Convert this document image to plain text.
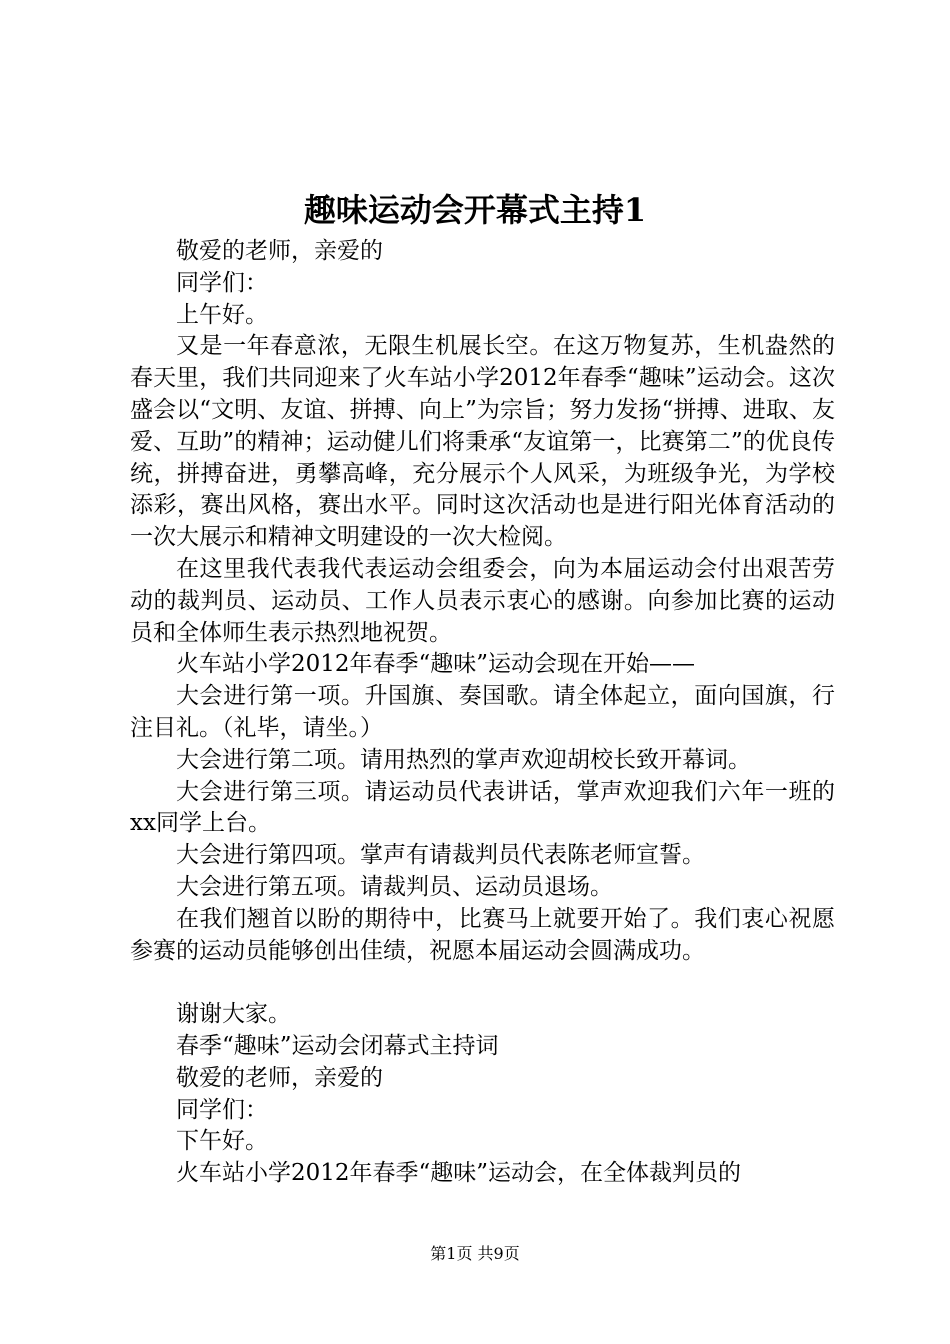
趣味运动会开幕式主持1

敬爱的老师，亲爱的

同学们：

上午好。

又是一年春意浓，无限生机展长空。在这万物复苏，生机盎然的春天里，我们共同迎来了火车站小学2012年春季“趣味”运动会。这次盛会以“文明、友谊、拼搏、向上”为宗旨；努力发扬“拼搏、进取、友爱、互助”的精神；运动健儿们将秉承“友谊第一，比赛第二”的优良传统，拼搏奋进，勇攀高峰，充分展示个人风采，为班级争光，为学校添彩，赛出风格，赛出水平。同时这次活动也是进行阳光体育活动的一次大展示和精神文明建设的一次大检阅。

在这里我代表我代表运动会组委会，向为本届运动会付出艰苦劳动的裁判员、运动员、工作人员表示衷心的感谢。向参加比赛的运动员和全体师生表示热烈地祝贺。

火车站小学2012年春季“趣味”运动会现在开始——

大会进行第一项。升国旗、奏国歌。请全体起立，面向国旗，行注目礼。（礼毕，请坐。）

大会进行第二项。请用热烈的掌声欢迎胡校长致开幕词。

大会进行第三项。请运动员代表讲话，掌声欢迎我们六年一班的xx同学上台。

大会进行第四项。掌声有请裁判员代表陈老师宣誓。

大会进行第五项。请裁判员、运动员退场。

在我们翘首以盼的期待中，比赛马上就要开始了。我们衷心祝愿参赛的运动员能够创出佳绩，祝愿本届运动会圆满成功。

谢谢大家。

春季“趣味”运动会闭幕式主持词

敬爱的老师，亲爱的

同学们：

下午好。

火车站小学2012年春季“趣味”运动会，在全体裁判员的

第1页 共9页
